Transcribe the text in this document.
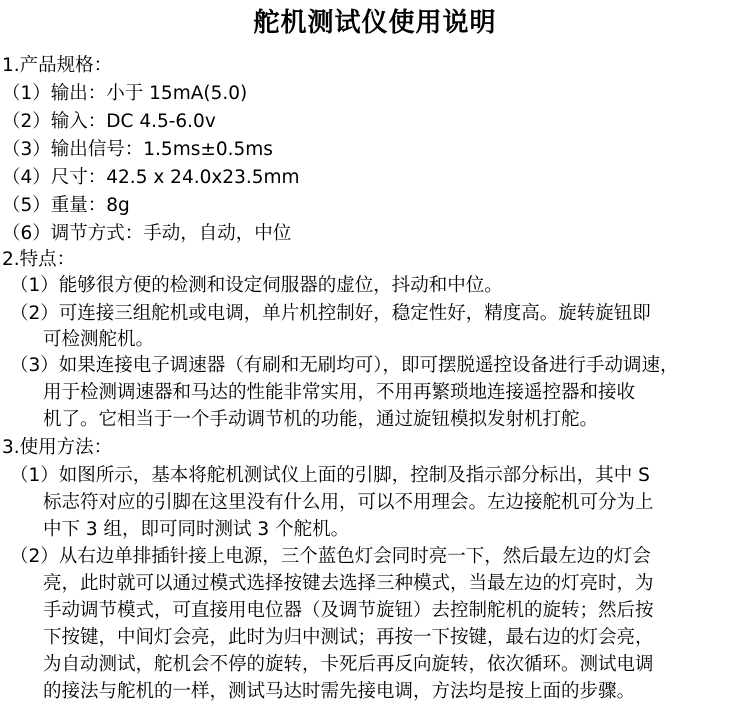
舵机测试仪使用说明
1.产品规格：
（1）输出：小于 15mA(5.0)
（2）输入：DC 4.5-6.0v
（3）输出信号：1.5ms±0.5ms
（4）尺寸：42.5 x 24.0x23.5mm
（5）重量：8g
（6）调节方式：手动，自动，中位
2.特点：
（1）能够很方便的检测和设定伺服器的虚位，抖动和中位。
（2）可连接三组舵机或电调，单片机控制好，稳定性好，精度高。旋转旋钮即
可检测舵机。
（3）如果连接电子调速器（有刷和无刷均可），即可摆脱遥控设备进行手动调速，
用于检测调速器和马达的性能非常实用，不用再繁琐地连接遥控器和接收
机了。它相当于一个手动调节机的功能，通过旋钮模拟发射机打舵。
3.使用方法：
（1）如图所示，基本将舵机测试仪上面的引脚，控制及指示部分标出，其中 S
标志符对应的引脚在这里没有什么用，可以不用理会。左边接舵机可分为上
中下 3 组，即可同时测试 3 个舵机。
（2）从右边单排插针接上电源，三个蓝色灯会同时亮一下，然后最左边的灯会
亮，此时就可以通过模式选择按键去选择三种模式，当最左边的灯亮时，为
手动调节模式，可直接用电位器（及调节旋钮）去控制舵机的旋转；然后按
下按键，中间灯会亮，此时为归中测试；再按一下按键，最右边的灯会亮，
为自动测试，舵机会不停的旋转，卡死后再反向旋转，依次循环。测试电调
的接法与舵机的一样，测试马达时需先接电调，方法均是按上面的步骤。
